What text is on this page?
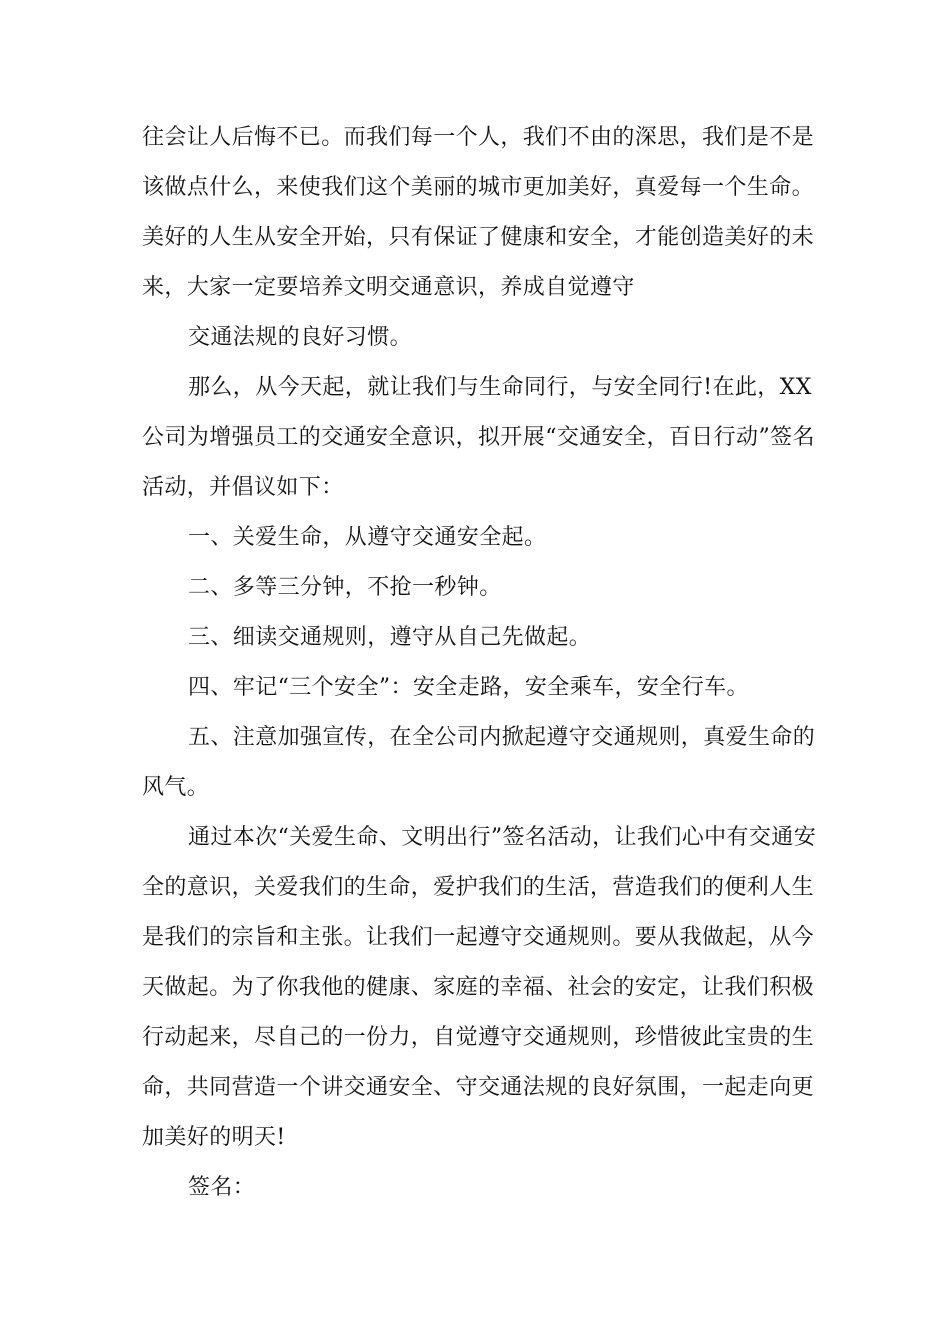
往会让人后悔不已。而我们每一个人，我们不由的深思，我们是不是
该做点什么，来使我们这个美丽的城市更加美好，真爱每一个生命。
美好的人生从安全开始，只有保证了健康和安全，才能创造美好的未
来，大家一定要培养文明交通意识，养成自觉遵守
交通法规的良好习惯。
那么，从今天起，就让我们与生命同行，与安全同行!在此，XX
公司为增强员工的交通安全意识，拟开展“交通安全，百日行动”签名
活动，并倡议如下：
一、关爱生命，从遵守交通安全起。
二、多等三分钟，不抢一秒钟。
三、细读交通规则，遵守从自己先做起。
四、牢记“三个安全”：安全走路，安全乘车，安全行车。
五、注意加强宣传，在全公司内掀起遵守交通规则，真爱生命的
风气。
通过本次“关爱生命、文明出行”签名活动，让我们心中有交通安
全的意识，关爱我们的生命，爱护我们的生活，营造我们的便利人生
是我们的宗旨和主张。让我们一起遵守交通规则。要从我做起，从今
天做起。为了你我他的健康、家庭的幸福、社会的安定，让我们积极
行动起来，尽自己的一份力，自觉遵守交通规则，珍惜彼此宝贵的生
命，共同营造一个讲交通安全、守交通法规的良好氛围，一起走向更
加美好的明天!
签名：
